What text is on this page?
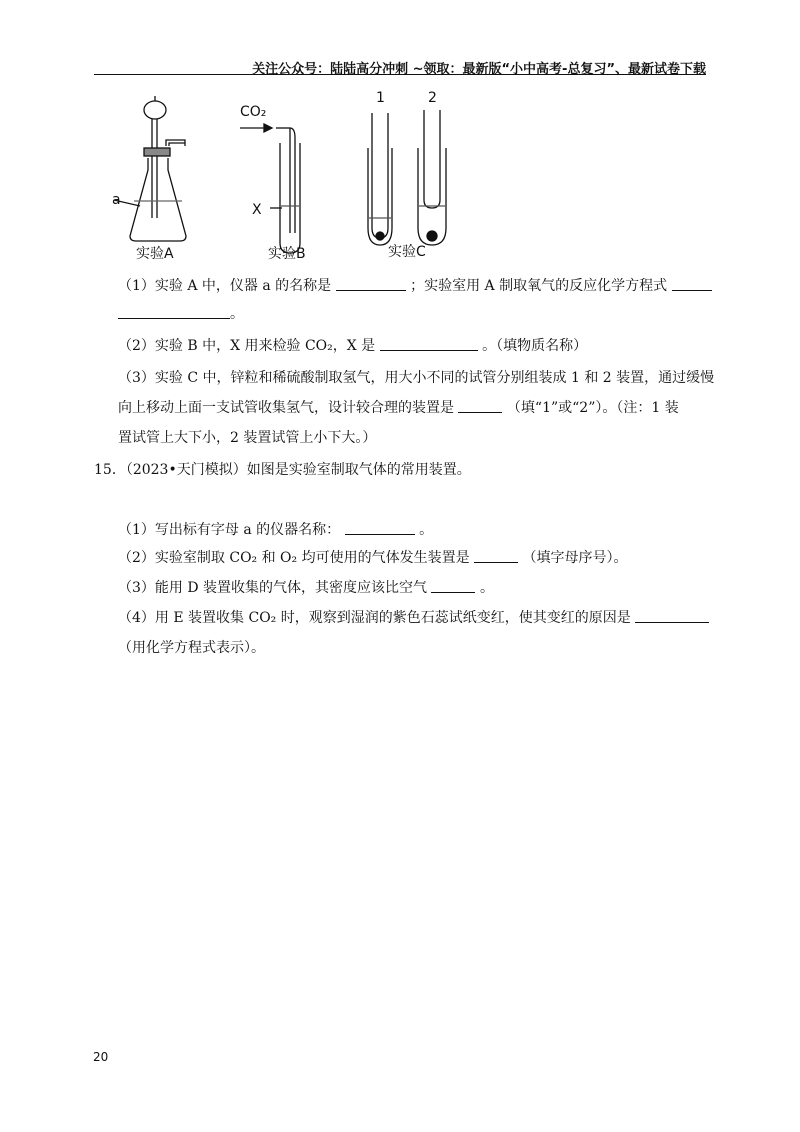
关注公众号：陆陆高分冲刺 ~领取：最新版“小中高考-总复习”、最新试卷下载
a
实验A
CO₂
X
实验B
1	2
实验C
（1）实验 A 中，仪器 a 的名称是	；实验室用 A 制取氧气的反应化学方程式
。
（2）实验 B 中，X 用来检验 CO₂，X 是	。（填物质名称）
（3）实验 C 中，锌粒和稀硫酸制取氢气，用大小不同的试管分别组装成 1 和 2 装置，通过缓慢
向上移动上面一支试管收集氢气，设计较合理的装置是	（填“1”或“2”）。（注：1 装
置试管上大下小，2 装置试管上小下大。）
15．（2023•天门模拟）如图是实验室制取气体的常用装置。
（1）写出标有字母 a 的仪器名称：	。
（2）实验室制取 CO₂ 和 O₂ 均可使用的气体发生装置是	（填字母序号）。
（3）能用 D 装置收集的气体，其密度应该比空气	。
（4）用 E 装置收集 CO₂ 时，观察到湿润的紫色石蕊试纸变红，使其变红的原因是
（用化学方程式表示）。
20
